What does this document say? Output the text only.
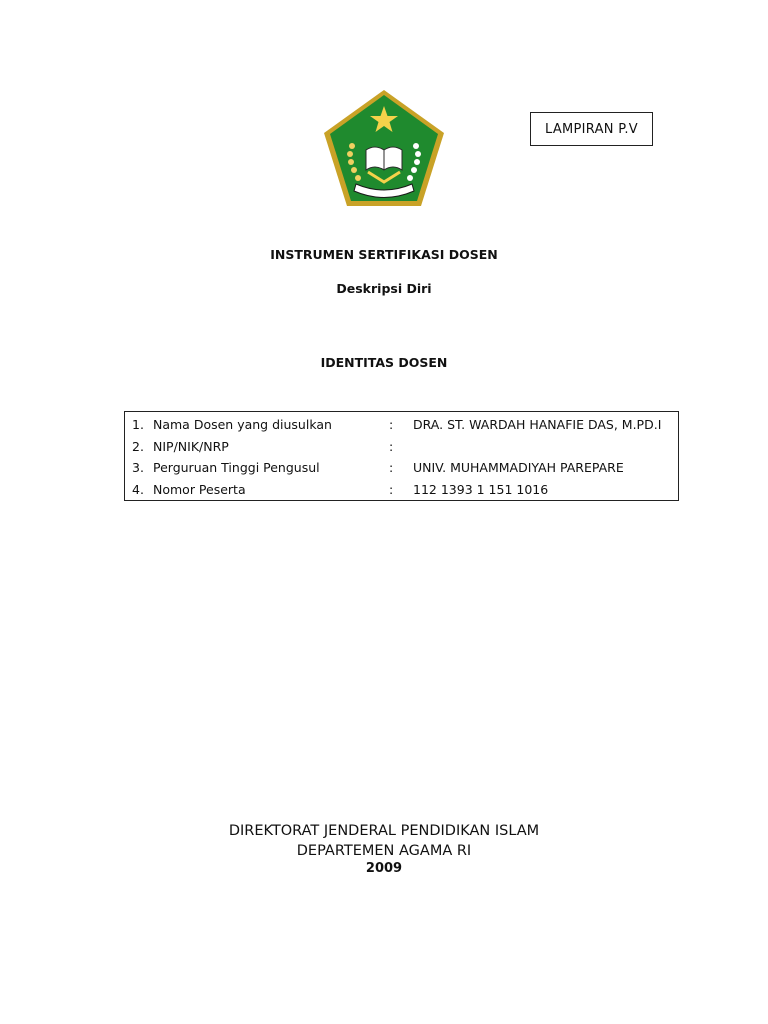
LAMPIRAN P.V
INSTRUMEN SERTIFIKASI DOSEN
Deskripsi Diri
IDENTITAS DOSEN
1. Nama Dosen yang diusulkan	: DRA. ST. WARDAH HANAFIE DAS, M.PD.I
2. NIP/NIK/NRP	:
3. Perguruan Tinggi Pengusul	: UNIV. MUHAMMADIYAH PAREPARE
4. Nomor Peserta	: 112 1393 1 151 1016
DIREKTORAT JENDERAL PENDIDIKAN ISLAM
DEPARTEMEN AGAMA RI
2009
